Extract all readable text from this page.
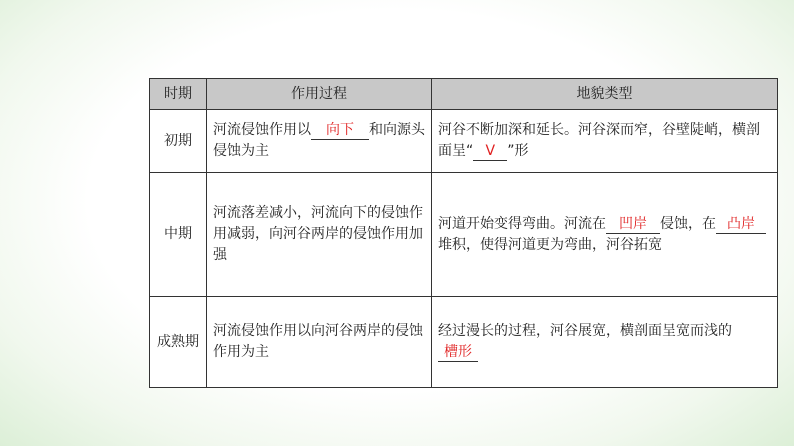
时期	作用过程	地貌类型
初期	河流侵蚀作用以 向下 和向源头侵蚀为主	河谷不断加深和延长。河谷深而窄，谷壁陡峭，横剖面呈“ V ”形
中期	河流落差减小，河流向下的侵蚀作用减弱，向河谷两岸的侵蚀作用加强	河道开始变得弯曲。河流在 凹岸 侵蚀，在 凸岸堆积，使得河道更为弯曲，河谷拓宽
成熟期	河流侵蚀作用以向河谷两岸的侵蚀作用为主	经过漫长的过程，河谷展宽，横剖面呈宽而浅的槽形
